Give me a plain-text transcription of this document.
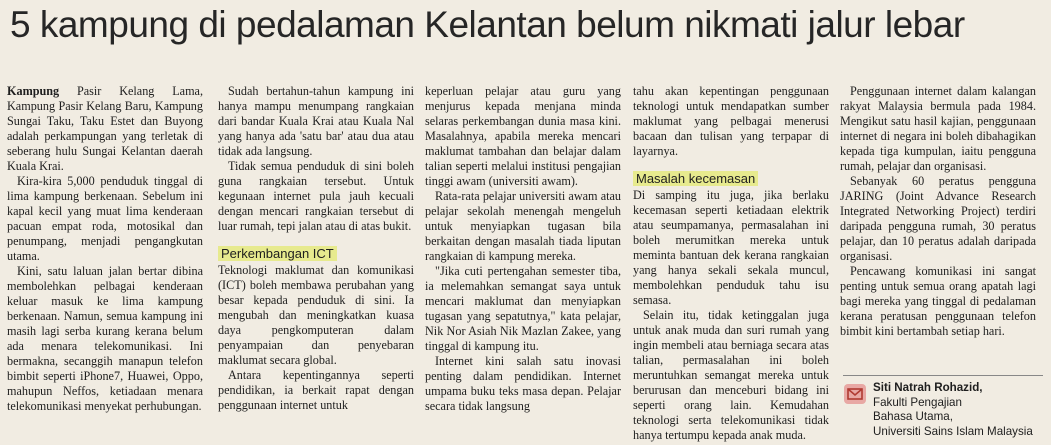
5 kampung di pedalaman Kelantan belum nikmati jalur lebar

Kampung Pasir Kelang Lama, Kampung Pasir Kelang Baru, Kampung Sungai Taku, Taku Estet dan Buyong adalah perkampungan yang terletak di seberang hulu Sungai Kelantan daerah Kuala Krai.

Kira-kira 5,000 penduduk tinggal di lima kampung berkenaan. Sebelum ini kapal kecil yang muat lima kenderaan pacuan empat roda, motosikal dan penumpang, menjadi pengangkutan utama.

Kini, satu laluan jalan bertar dibina membolehkan pelbagai kenderaan keluar masuk ke lima kampung berkenaan. Namun, semua kampung ini masih lagi serba kurang kerana belum ada menara telekomunikasi. Ini bermakna, secanggih manapun telefon bimbit seperti iPhone7, Huawei, Oppo, mahupun Neffos, ketiadaan menara telekomunikasi menyekat perhubungan.

Sudah bertahun-tahun kampung ini hanya mampu menumpang rangkaian dari bandar Kuala Krai atau Kuala Nal yang hanya ada 'satu bar' atau dua atau tidak ada langsung.

Tidak semua penduduk di sini boleh guna rangkaian tersebut. Untuk kegunaan internet pula jauh kecuali dengan mencari rangkaian tersebut di luar rumah, tepi jalan atau di atas bukit.

Perkembangan ICT

Teknologi maklumat dan komunikasi (ICT) boleh membawa perubahan yang besar kepada penduduk di sini. Ia mengubah dan meningkatkan kuasa daya pengkomputeran dalam penyampaian dan penyebaran maklumat secara global.

Antara kepentingannya seperti pendidikan, ia berkait rapat dengan penggunaan internet untuk

keperluan pelajar atau guru yang menjurus kepada menjana minda selaras perkembangan dunia masa kini. Masalahnya, apabila mereka mencari maklumat tambahan dan belajar dalam talian seperti melalui institusi pengajian tinggi awam (universiti awam).

Rata-rata pelajar universiti awam atau pelajar sekolah menengah mengeluh untuk menyiapkan tugasan bila berkaitan dengan masalah tiada liputan rangkaian di kampung mereka.

"Jika cuti pertengahan semester tiba, ia melemahkan semangat saya untuk mencari maklumat dan menyiapkan tugasan yang sepatutnya," kata pelajar, Nik Nor Asiah Nik Mazlan Zakee, yang tinggal di kampung itu.

Internet kini salah satu inovasi penting dalam pendidikan. Internet umpama buku teks masa depan. Pelajar secara tidak langsung

tahu akan kepentingan penggunaan teknologi untuk mendapatkan sumber maklumat yang pelbagai menerusi bacaan dan tulisan yang terpapar di layarnya.

Masalah kecemasan

Di samping itu juga, jika berlaku kecemasan seperti ketiadaan elektrik atau seumpamanya, permasalahan ini boleh merumitkan mereka untuk meminta bantuan dek kerana rangkaian yang hanya sekali sekala muncul, membolehkan penduduk tahu isu semasa.

Selain itu, tidak ketinggalan juga untuk anak muda dan suri rumah yang ingin membeli atau berniaga secara atas talian, permasalahan ini boleh meruntuhkan semangat mereka untuk berurusan dan menceburi bidang ini seperti orang lain. Kemudahan teknologi serta telekomunikasi tidak hanya tertumpu kepada anak muda.

Penggunaan internet dalam kalangan rakyat Malaysia bermula pada 1984. Mengikut satu hasil kajian, penggunaan internet di negara ini boleh dibahagikan kepada tiga kumpulan, iaitu pengguna rumah, pelajar dan organisasi.

Sebanyak 60 peratus pengguna JARING (Joint Advance Research Integrated Networking Project) terdiri daripada pengguna rumah, 30 peratus pelajar, dan 10 peratus adalah daripada organisasi.

Pencawang komunikasi ini sangat penting untuk semua orang apatah lagi bagi mereka yang tinggal di pedalaman kerana peratusan penggunaan telefon bimbit kini bertambah setiap hari.

Siti Natrah Rohazid,
Fakulti Pengajian
Bahasa Utama,
Universiti Sains Islam Malaysia
